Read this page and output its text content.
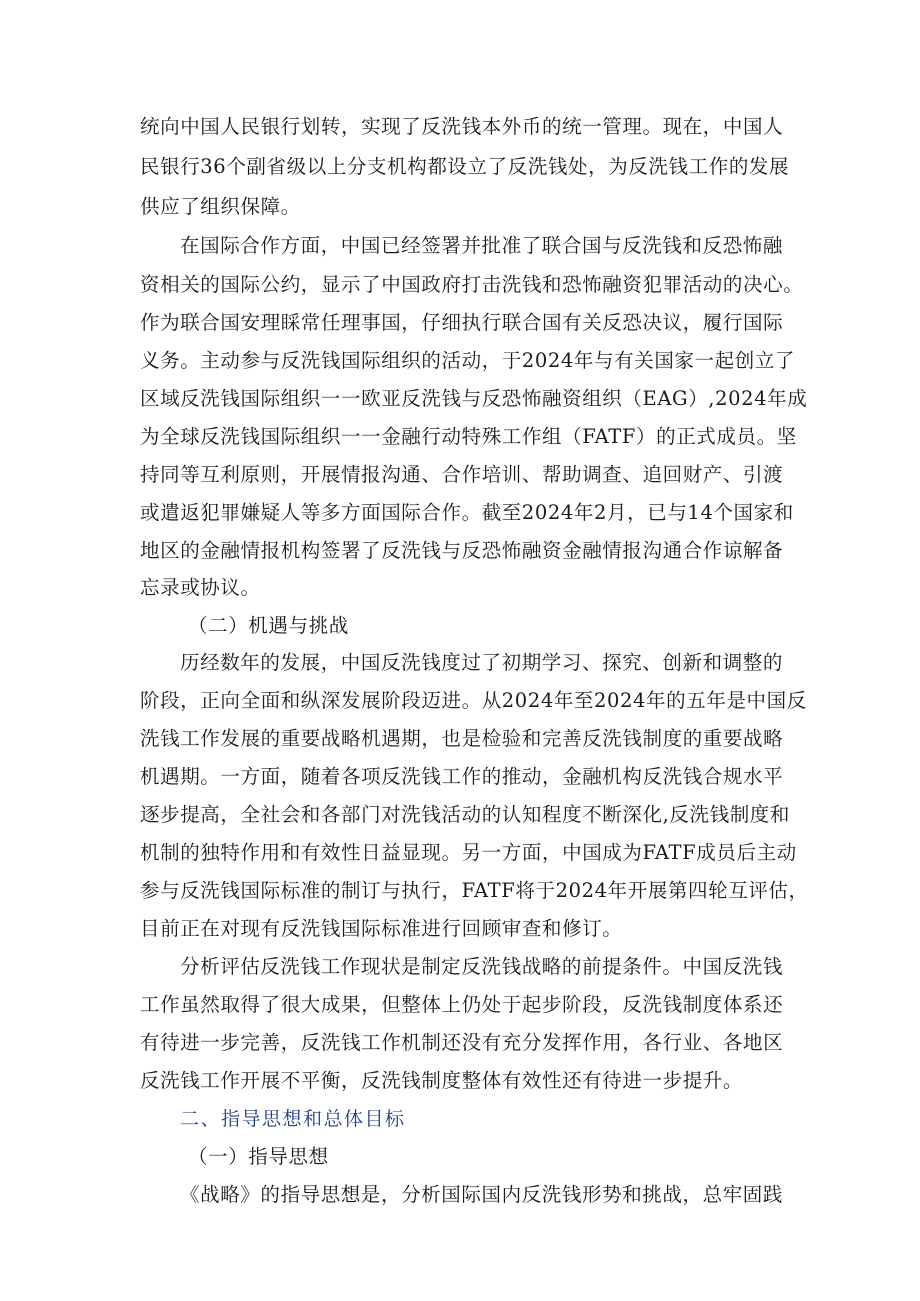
统向中国人民银行划转，实现了反洗钱本外币的统一管理。现在，中国人
民银行36个副省级以上分支机构都设立了反洗钱处，为反洗钱工作的发展
供应了组织保障。
在国际合作方面，中国已经签署并批准了联合国与反洗钱和反恐怖融
资相关的国际公约，显示了中国政府打击洗钱和恐怖融资犯罪活动的决心。
作为联合国安理睬常任理事国，仔细执行联合国有关反恐决议，履行国际
义务。主动参与反洗钱国际组织的活动，于2024年与有关国家一起创立了
区域反洗钱国际组织一一欧亚反洗钱与反恐怖融资组织（EAG）,2024年成
为全球反洗钱国际组织一一金融行动特殊工作组（FATF）的正式成员。坚
持同等互利原则，开展情报沟通、合作培训、帮助调查、追回财产、引渡
或遣返犯罪嫌疑人等多方面国际合作。截至2024年2月，已与14个国家和
地区的金融情报机构签署了反洗钱与反恐怖融资金融情报沟通合作谅解备
忘录或协议。
（二）机遇与挑战
历经数年的发展，中国反洗钱度过了初期学习、探究、创新和调整的
阶段，正向全面和纵深发展阶段迈进。从2024年至2024年的五年是中国反
洗钱工作发展的重要战略机遇期，也是检验和完善反洗钱制度的重要战略
机遇期。一方面，随着各项反洗钱工作的推动，金融机构反洗钱合规水平
逐步提高，全社会和各部门对洗钱活动的认知程度不断深化,反洗钱制度和
机制的独特作用和有效性日益显现。另一方面，中国成为FATF成员后主动
参与反洗钱国际标准的制订与执行，FATF将于2024年开展第四轮互评估，
目前正在对现有反洗钱国际标准进行回顾审查和修订。
分析评估反洗钱工作现状是制定反洗钱战略的前提条件。中国反洗钱
工作虽然取得了很大成果，但整体上仍处于起步阶段，反洗钱制度体系还
有待进一步完善，反洗钱工作机制还没有充分发挥作用，各行业、各地区
反洗钱工作开展不平衡，反洗钱制度整体有效性还有待进一步提升。
二、指导思想和总体目标
（一）指导思想
《战略》的指导思想是，分析国际国内反洗钱形势和挑战，总牢固践
